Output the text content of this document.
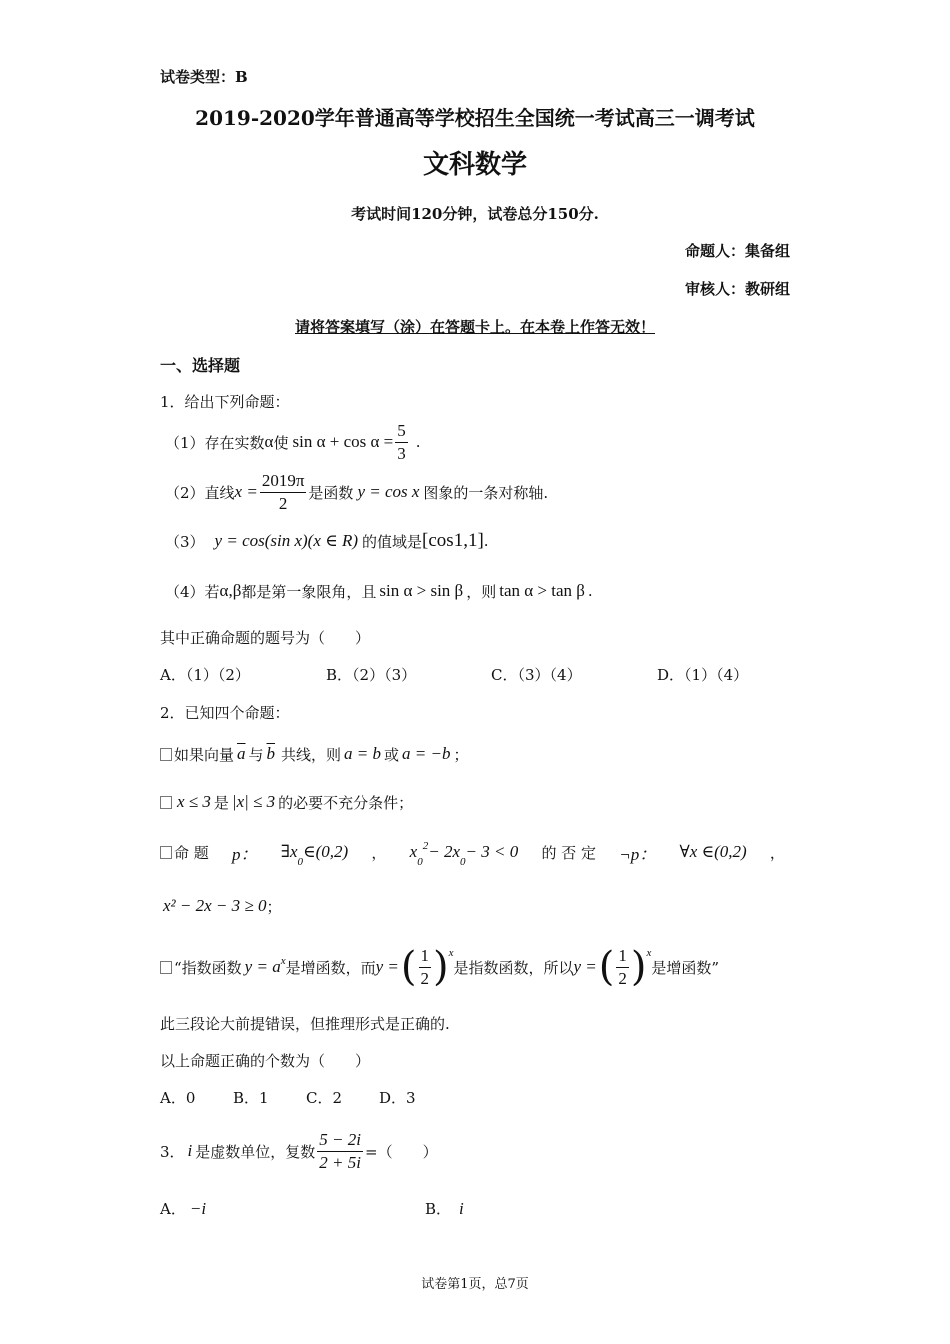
试卷类型：B
2019-2020学年普通高等学校招生全国统一考试高三一调考试
文科数学
考试时间120分钟，试卷总分150分.
命题人：集备组
审核人：教研组
请将答案填写（涂）在答题卡上。在本卷上作答无效！
一、选择题
1．给出下列命题：
（1）存在实数 α 使 $\sin \alpha + \cos \alpha = \frac{5}{3}$ .
（2）直线 $x = \frac{2019\pi}{2}$ 是函数 y = cos x 图象的一条对称轴.
（3） y = cos(sin x)(x ∈ R) 的值域是 [cos1,1] .
（4）若 α,β 都是第一象限角，且 sin α > sin β ，则 tan α > tan β .
其中正确命题的题号为（　　）
A．（1）（2）	B．（2）（3）	C．（3）（4）	D．（1）（4）
2．已知四个命题：
如果向量 $\overline{a}$ 与 $\overline{b}$ 共线，则 a = b 或 a = −b ；
x ≤ 3 是 |x| ≤ 3 的必要不充分条件；
命 题 p： $\exists x_0\in(0,2)$ ， $x_0^2- 2x_0- 3 < 0$ 的 否 定 ¬p： ∀x ∈(0,2) ，
x² − 2x − 3 ≥ 0 ；
“指数函数 $y = a^x$ 是增函数，而 y = ( $\frac{1}{2}$ ) x
是指数函数，所以 y = ( $\frac{1}{2}$ ) x
是增函数”
此三段论大前提错误，但推理形式是正确的.
以上命题正确的个数为（　　）
A．0	B．1 C．2 D．3
3． i 是虚数单位，复数 $\frac{5 - 2i}{2 + 5i}$ =（　　）
A． −i	B． i
试卷第1页，总7页
